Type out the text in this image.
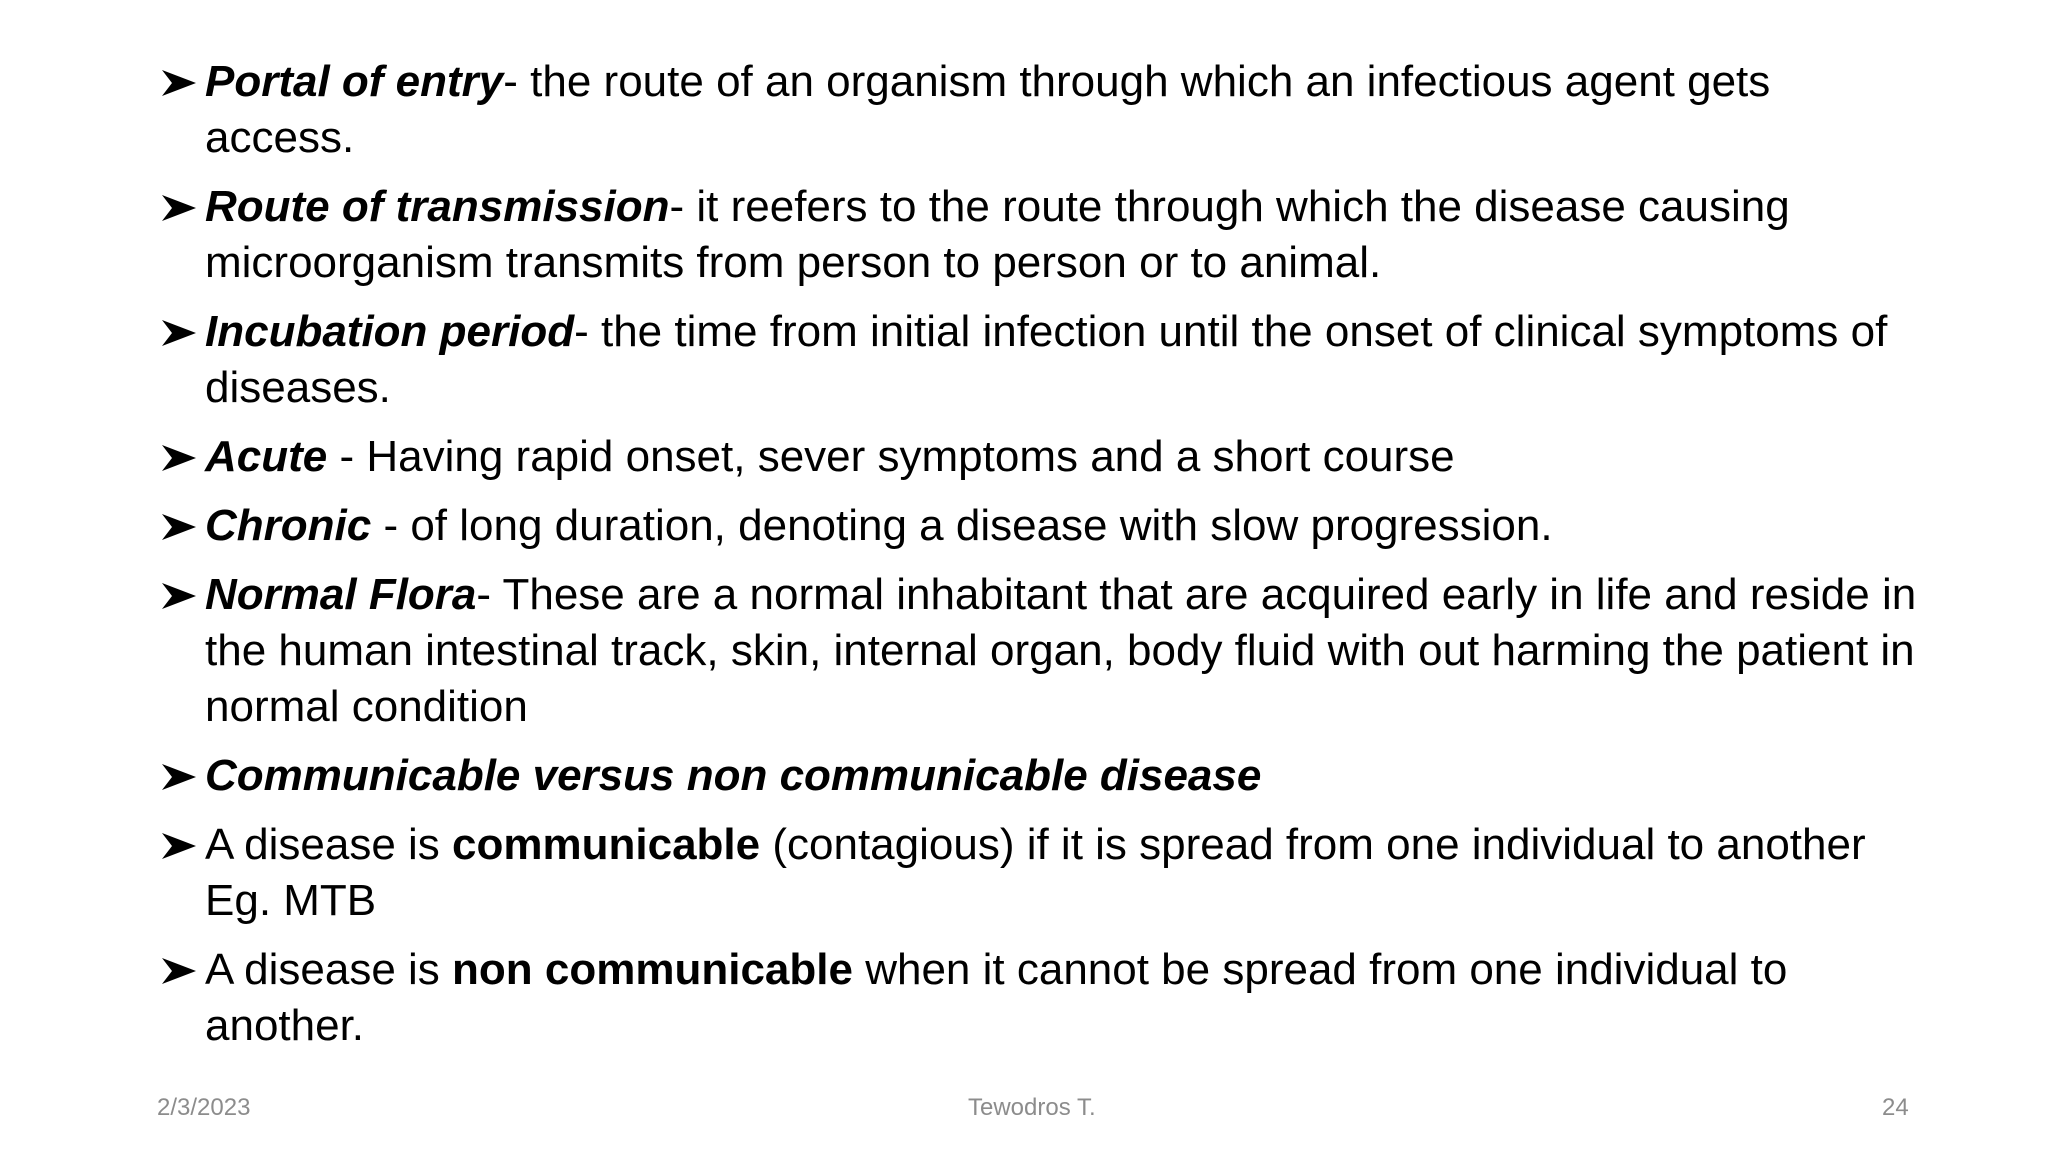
Portal of entry- the route of an organism through which an infectious agent gets access.
Route of transmission- it reefers to the route through which the disease causing microorganism transmits from person to person or to animal.
Incubation period- the time from initial infection until the onset of clinical symptoms of diseases.
Acute - Having rapid onset, sever symptoms and a short course
Chronic - of long duration, denoting a disease with slow progression.
Normal Flora- These are a normal inhabitant that are acquired early in life and reside in the human intestinal track, skin, internal organ, body fluid with out harming the patient in normal condition
Communicable versus non communicable disease
A disease is communicable (contagious) if it is spread from one individual to another Eg. MTB
A disease is non communicable when it cannot be spread from one individual to another.
2/3/2023	Tewodros T.	24
